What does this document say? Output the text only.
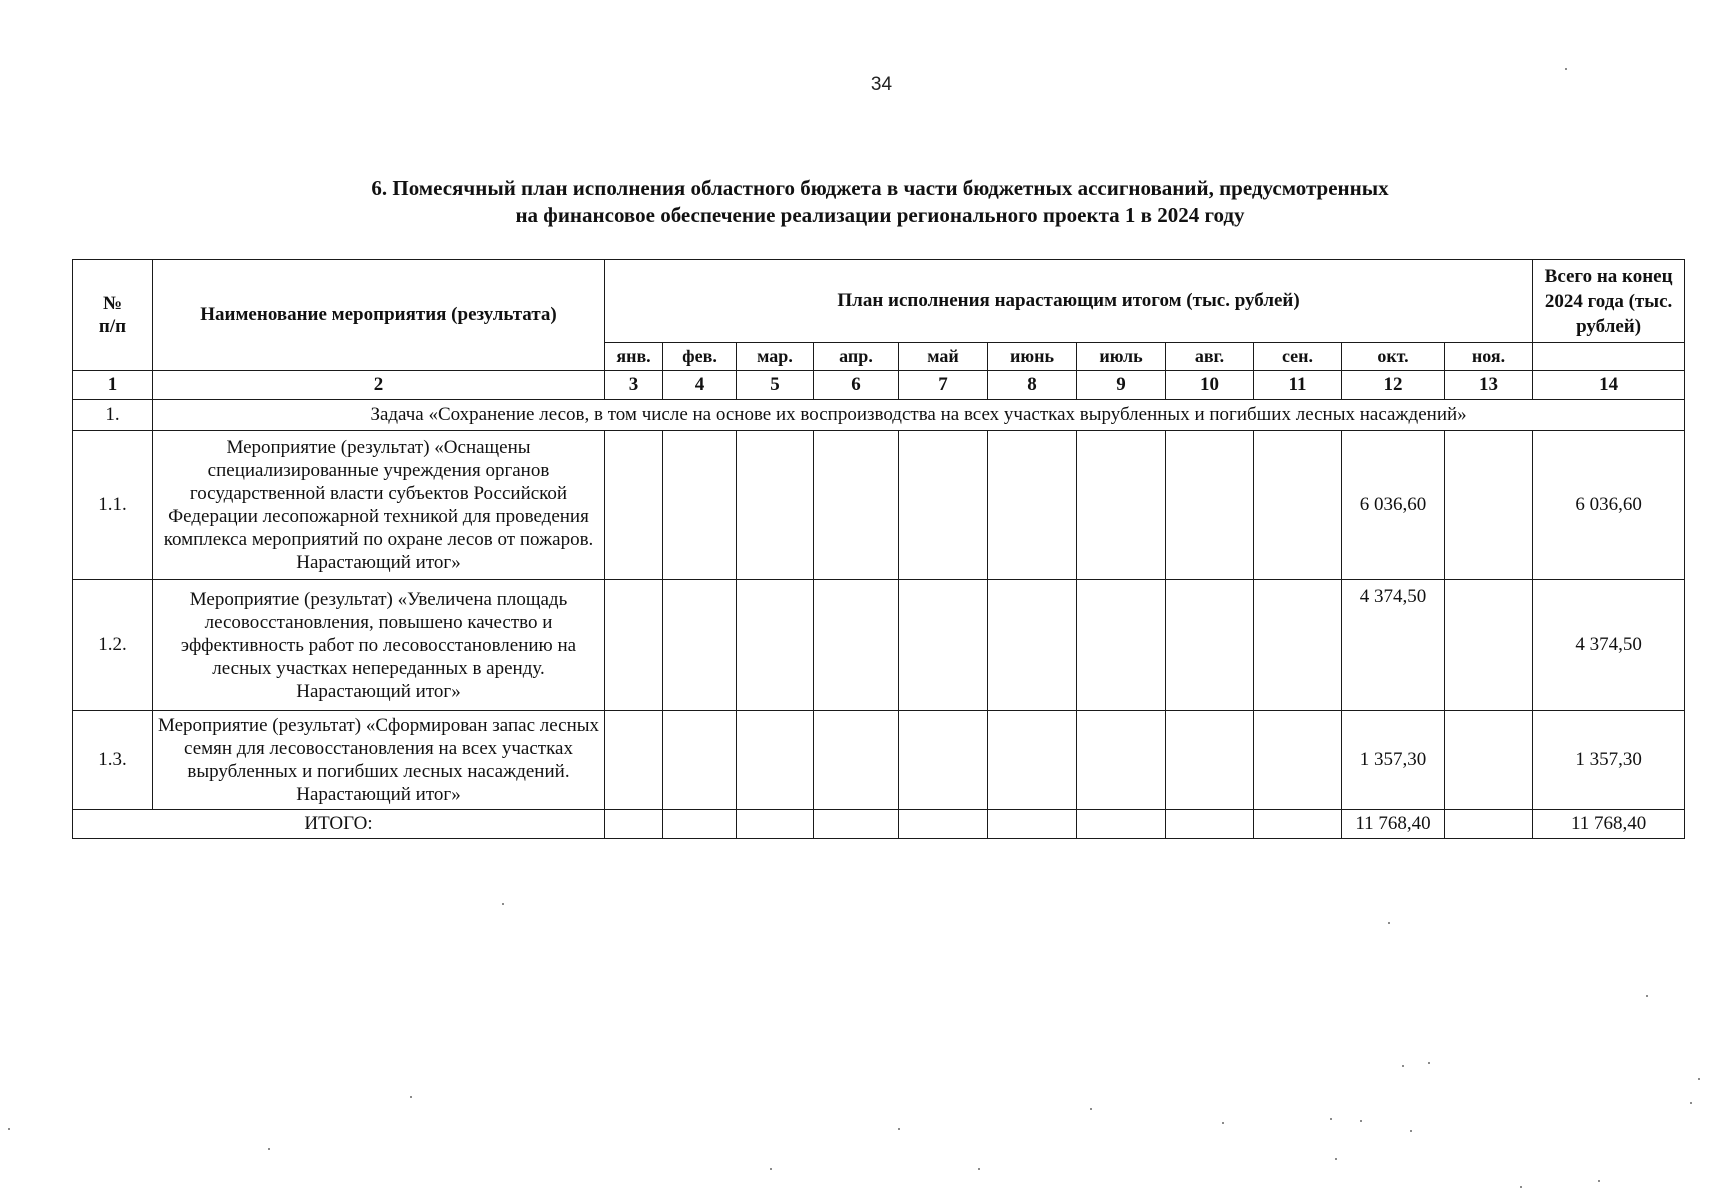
34
6. Помесячный план исполнения областного бюджета в части бюджетных ассигнований, предусмотренных
на финансовое обеспечение реализации регионального проекта 1 в 2024 году
№
п/п	Наименование мероприятия (результата)	План исполнения нарастающим итогом (тыс. рублей)											Всего на конец 2024 года (тыс. рублей)
		янв.	фев.	мар.	апр.	май	июнь	июль	авг.	сен.	окт.	ноя.	
1	2	3	4	5	6	7	8	9	10	11	12	13	14
1.	Задача «Сохранение лесов, в том числе на основе их воспроизводства на всех участках вырубленных и погибших лесных насаждений»												
1.1.	Мероприятие (результат) «Оснащены специализированные учреждения органов государственной власти субъектов Российской Федерации лесопожарной техникой для проведения комплекса мероприятий по охране лесов от пожаров. Нарастающий итог»										6 036,60		6 036,60
1.2.	Мероприятие (результат) «Увеличена площадь лесовосстановления, повышено качество и эффективность работ по лесовосстановлению на лесных участках непереданных в аренду. Нарастающий итог»										4 374,50		4 374,50
1.3.	Мероприятие (результат) «Сформирован запас лесных семян для лесовосстановления на всех участках вырубленных и погибших лесных насаждений. Нарастающий итог»										1 357,30		1 357,30
ИТОГО:											11 768,40		11 768,40
